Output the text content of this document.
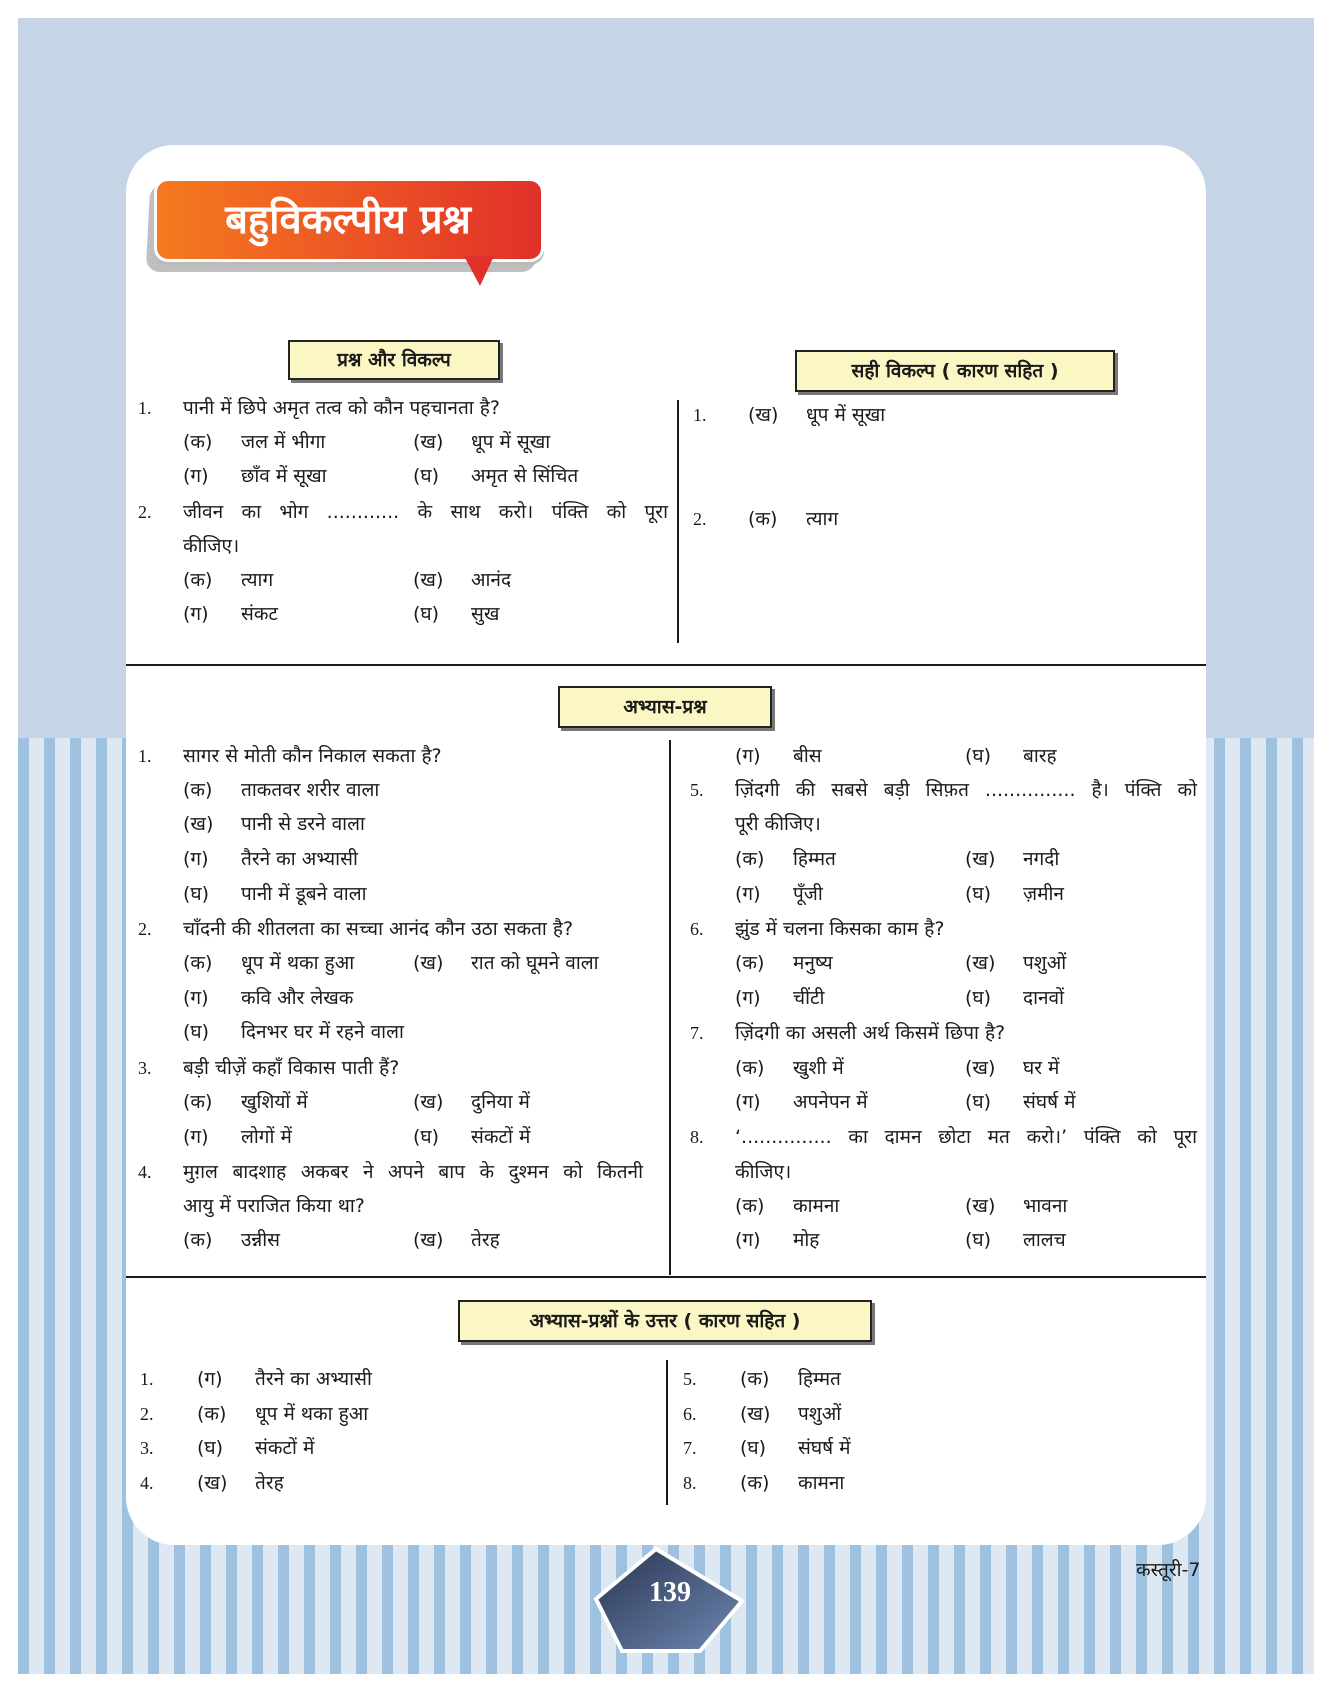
बहुविकल्पीय प्रश्न
प्रश्न और विकल्प	सही विकल्प ( कारण सहित )
1. पानी में छिपे अमृत तत्व को कौन पहचानता है?
(क) जल में भीगा	(ख) धूप में सूखा
(ग) छाँव में सूखा	(घ) अमृत से सिंचित
2. जीवन का भोग ............ के साथ करो। पंक्ति को पूरा
कीजिए।
(क) त्याग	(ख) आनंद
(ग) संकट	(घ) सुख
1. (ख) धूप में सूखा
2. (क) त्याग
अभ्यास-प्रश्न
1. सागर से मोती कौन निकाल सकता है?
(क) ताकतवर शरीर वाला
(ख) पानी से डरने वाला
(ग) तैरने का अभ्यासी
(घ) पानी में डूबने वाला
2. चाँदनी की शीतलता का सच्चा आनंद कौन उठा सकता है?
(क) धूप में थका हुआ	(ख) रात को घूमने वाला
(ग) कवि और लेखक
(घ) दिनभर घर में रहने वाला
3. बड़ी चीज़ें कहाँ विकास पाती हैं?
(क) खुशियों में	(ख) दुनिया में
(ग) लोगों में	(घ) संकटों में
4. मुग़ल बादशाह अकबर ने अपने बाप के दुश्मन को कितनी
आयु में पराजित किया था?
(क) उन्नीस	(ख) तेरह
(ग) बीस	(घ) बारह
5. ज़िंदगी की सबसे बड़ी सिफ़त ............... है। पंक्ति को
पूरी कीजिए।
(क) हिम्मत	(ख) नगदी
(ग) पूँजी	(घ) ज़मीन
6. झुंड में चलना किसका काम है?
(क) मनुष्य	(ख) पशुओं
(ग) चींटी	(घ) दानवों
7. ज़िंदगी का असली अर्थ किसमें छिपा है?
(क) खुशी में	(ख) घर में
(ग) अपनेपन में	(घ) संघर्ष में
8. ‘............... का दामन छोटा मत करो।’ पंक्ति को पूरा
कीजिए।
(क) कामना	(ख) भावना
(ग) मोह	(घ) लालच
अभ्यास-प्रश्नों के उत्तर ( कारण सहित )
1. (ग) तैरने का अभ्यासी
2. (क) धूप में थका हुआ
3. (घ) संकटों में
4. (ख) तेरह
5. (क) हिम्मत
6. (ख) पशुओं
7. (घ) संघर्ष में
8. (क) कामना
139
कस्तूरी-7
